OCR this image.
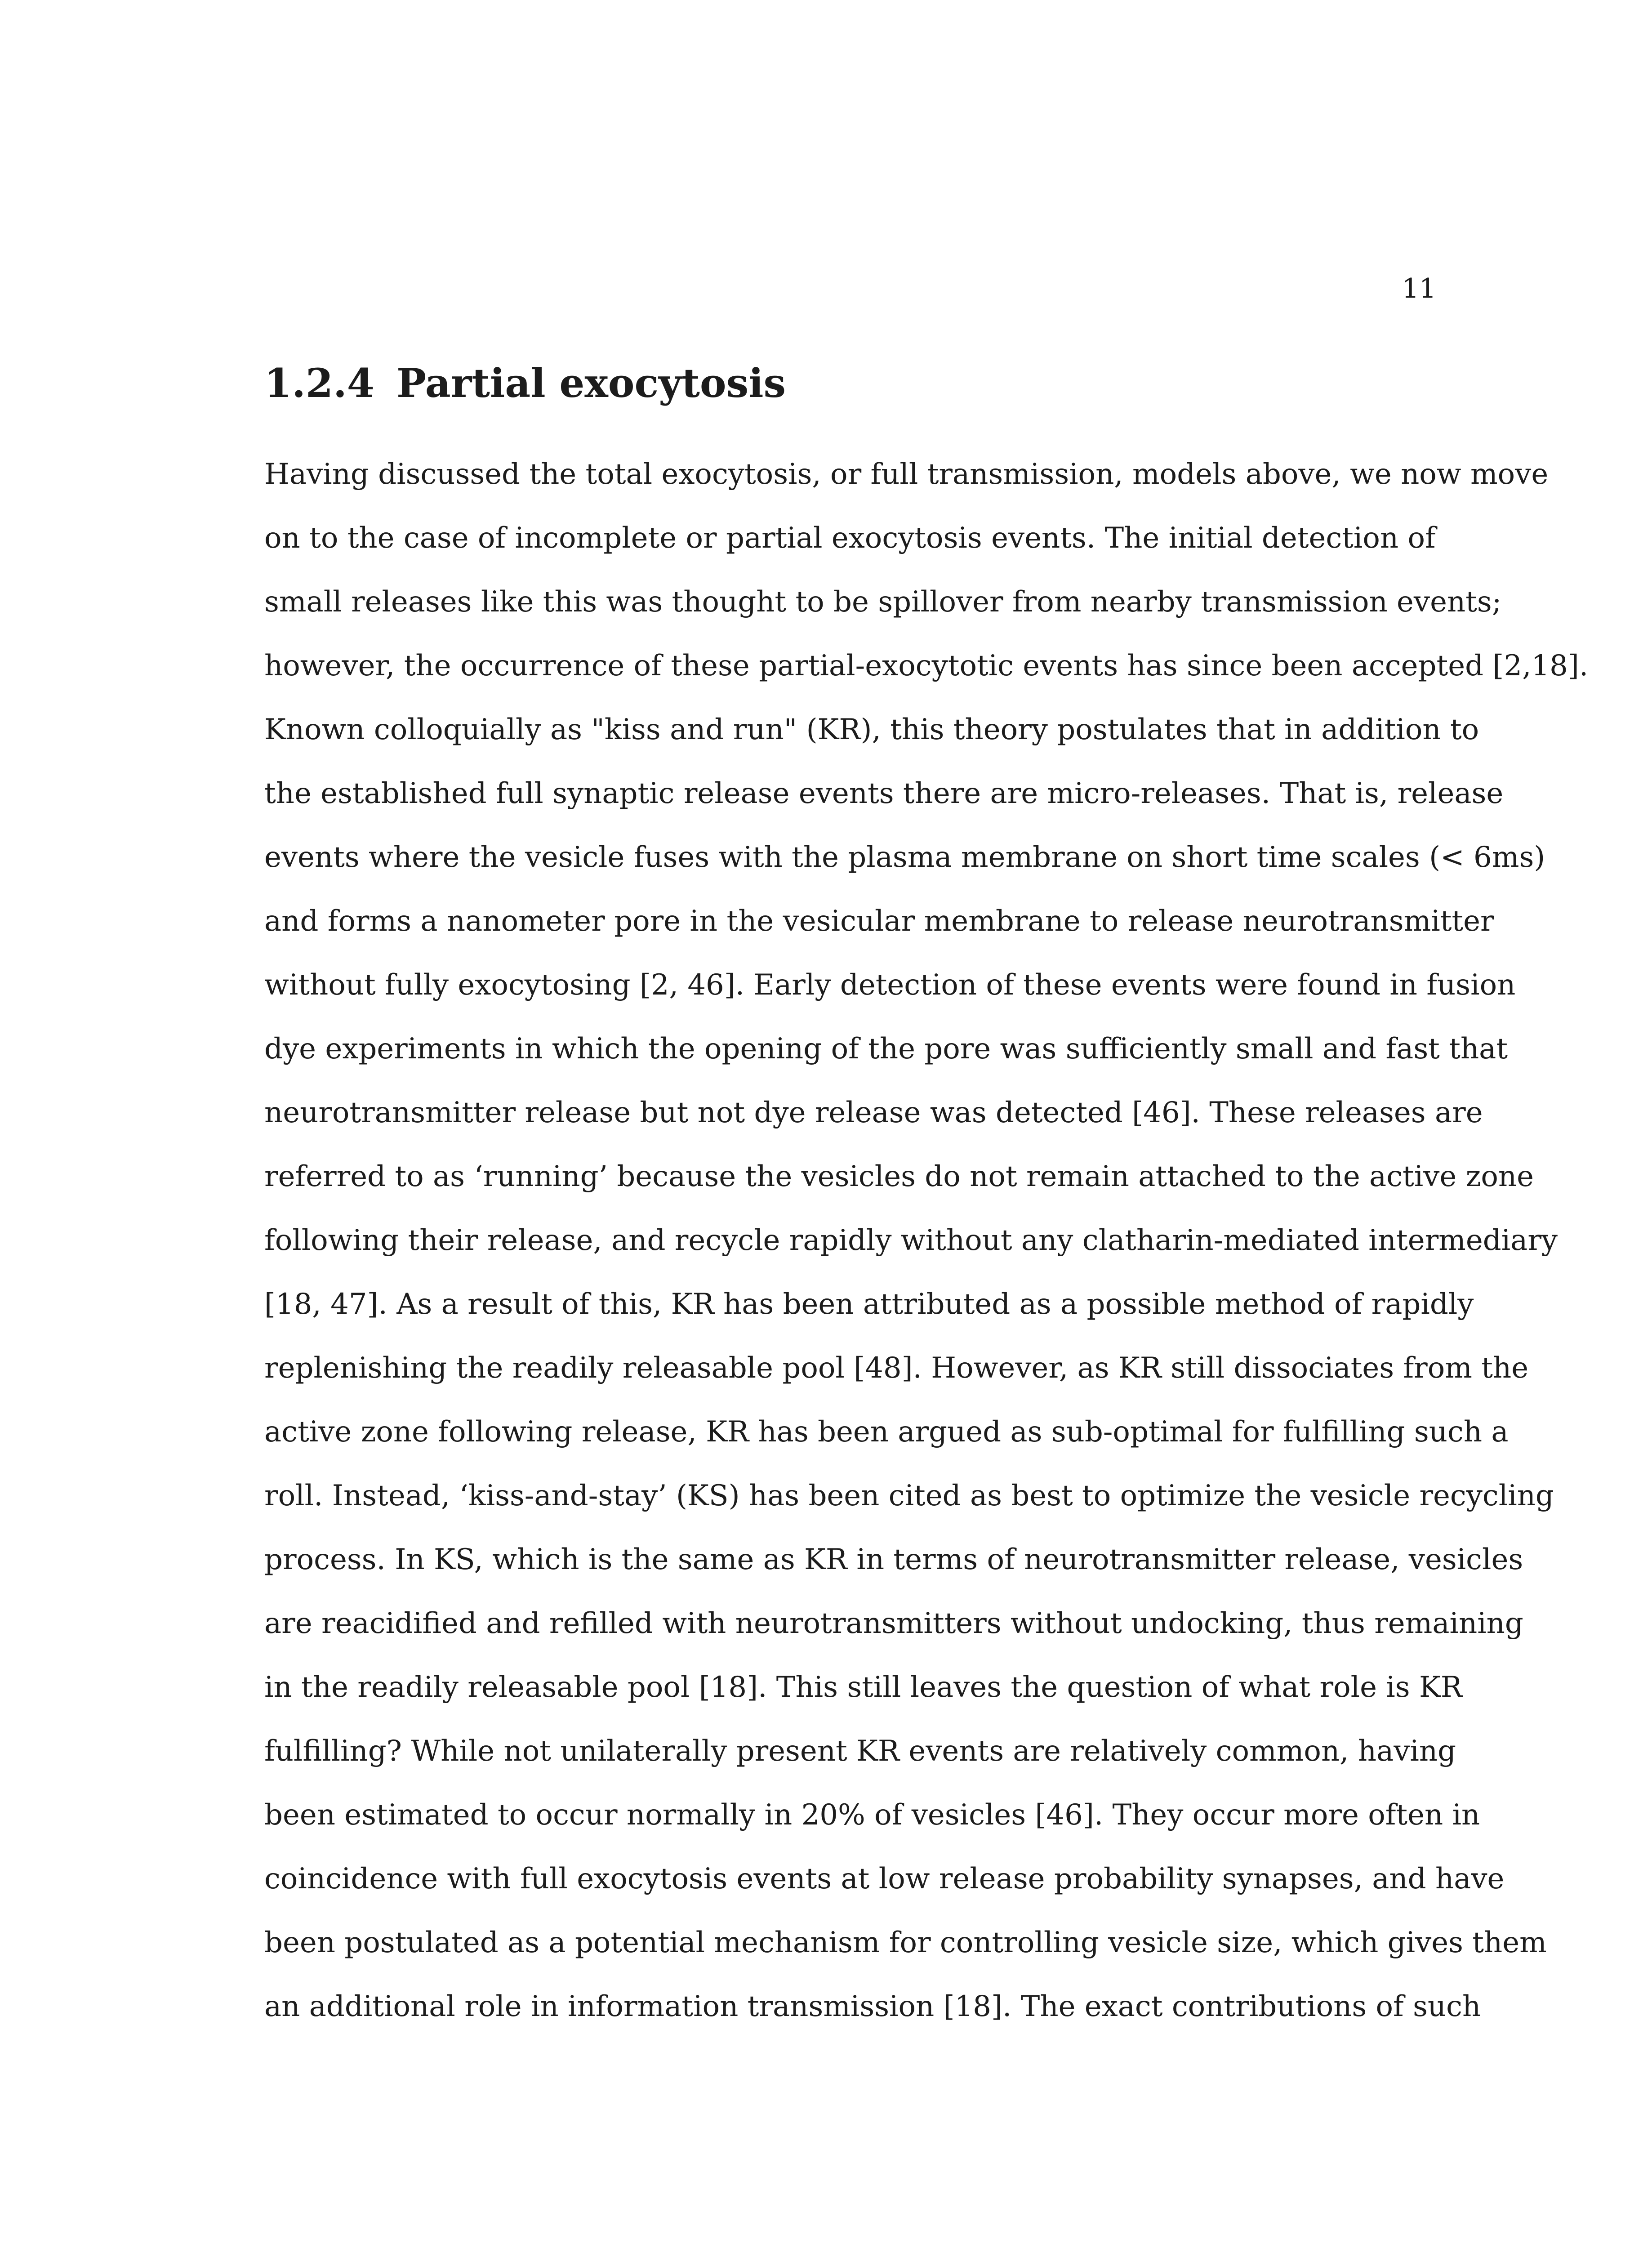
11
1.2.4 Partial exocytosis
Having discussed the total exocytosis, or full transmission, models above, we now move
on to the case of incomplete or partial exocytosis events. The initial detection of
small releases like this was thought to be spillover from nearby transmission events;
however, the occurrence of these partial-exocytotic events has since been accepted [2,18].
Known colloquially as "kiss and run" (KR), this theory postulates that in addition to
the established full synaptic release events there are micro-releases. That is, release
events where the vesicle fuses with the plasma membrane on short time scales (< 6ms)
and forms a nanometer pore in the vesicular membrane to release neurotransmitter
without fully exocytosing [2, 46]. Early detection of these events were found in fusion
dye experiments in which the opening of the pore was sufficiently small and fast that
neurotransmitter release but not dye release was detected [46]. These releases are
referred to as ‘running’ because the vesicles do not remain attached to the active zone
following their release, and recycle rapidly without any clatharin-mediated intermediary
[18, 47]. As a result of this, KR has been attributed as a possible method of rapidly
replenishing the readily releasable pool [48]. However, as KR still dissociates from the
active zone following release, KR has been argued as sub-optimal for fulfilling such a
roll. Instead, ‘kiss-and-stay’ (KS) has been cited as best to optimize the vesicle recycling
process. In KS, which is the same as KR in terms of neurotransmitter release, vesicles
are reacidified and refilled with neurotransmitters without undocking, thus remaining
in the readily releasable pool [18]. This still leaves the question of what role is KR
fulfilling? While not unilaterally present KR events are relatively common, having
been estimated to occur normally in 20% of vesicles [46]. They occur more often in
coincidence with full exocytosis events at low release probability synapses, and have
been postulated as a potential mechanism for controlling vesicle size, which gives them
an additional role in information transmission [18]. The exact contributions of such
